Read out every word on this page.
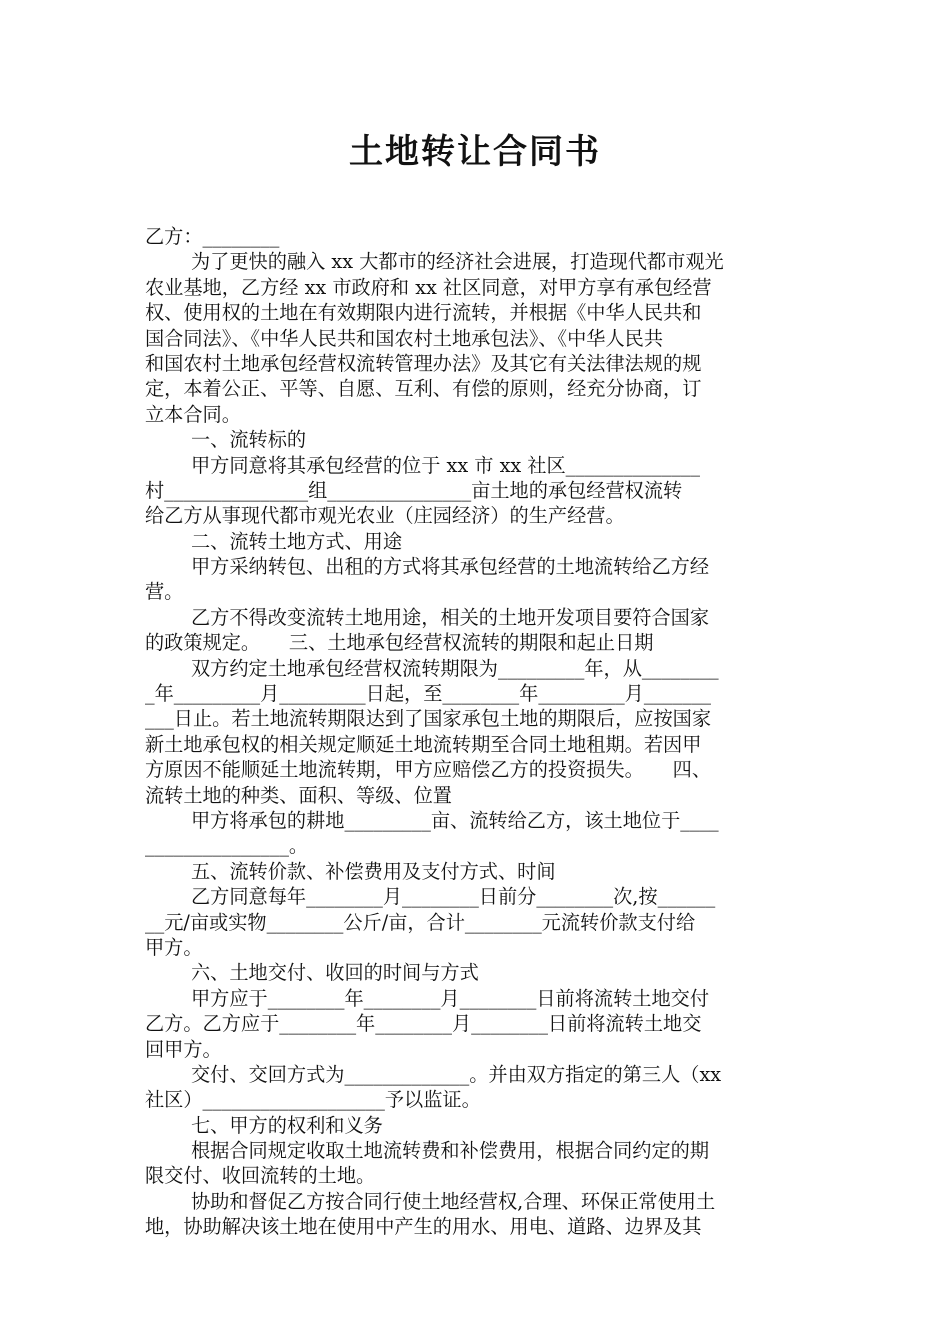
土地转让合同书
乙方：________
为了更快的融入 xx 大都市的经济社会进展，打造现代都市观光
农业基地，乙方经 xx 市政府和 xx 社区同意，对甲方享有承包经营
权、使用权的土地在有效期限内进行流转，并根据《中华人民共和
国合同法》、《中华人民共和国农村土地承包法》、《中华人民共
和国农村土地承包经营权流转管理办法》及其它有关法律法规的规
定，本着公正、平等、自愿、互利、有偿的原则，经充分协商，订
立本合同。
一、流转标的
甲方同意将其承包经营的位于 xx 市 xx 社区______________
村_______________组_______________亩土地的承包经营权流转
给乙方从事现代都市观光农业（庄园经济）的生产经营。
二、流转土地方式、用途
甲方采纳转包、出租的方式将其承包经营的土地流转给乙方经
营。
乙方不得改变流转土地用途，相关的土地开发项目要符合国家
的政策规定。　　三、土地承包经营权流转的期限和起止日期
双方约定土地承包经营权流转期限为_________年，从________
_年_________月_________日起，至________年_________月_______
___日止。若土地流转期限达到了国家承包土地的期限后，应按国家
新土地承包权的相关规定顺延土地流转期至合同土地租期。若因甲
方原因不能顺延土地流转期，甲方应赔偿乙方的投资损失。　　四、
流转土地的种类、面积、等级、位置
甲方将承包的耕地_________亩、流转给乙方，该土地位于____
_______________。
五、流转价款、补偿费用及支付方式、时间
乙方同意每年________月________日前分________次,按______
__元/亩或实物________公斤/亩，合计________元流转价款支付给
甲方。
六、土地交付、收回的时间与方式
甲方应于________年________月________日前将流转土地交付
乙方。乙方应于________年________月________日前将流转土地交
回甲方。
交付、交回方式为_____________。并由双方指定的第三人（xx
社区）___________________予以监证。
七、甲方的权利和义务
根据合同规定收取土地流转费和补偿费用，根据合同约定的期
限交付、收回流转的土地。
协助和督促乙方按合同行使土地经营权,合理、环保正常使用土
地，协助解决该土地在使用中产生的用水、用电、道路、边界及其
